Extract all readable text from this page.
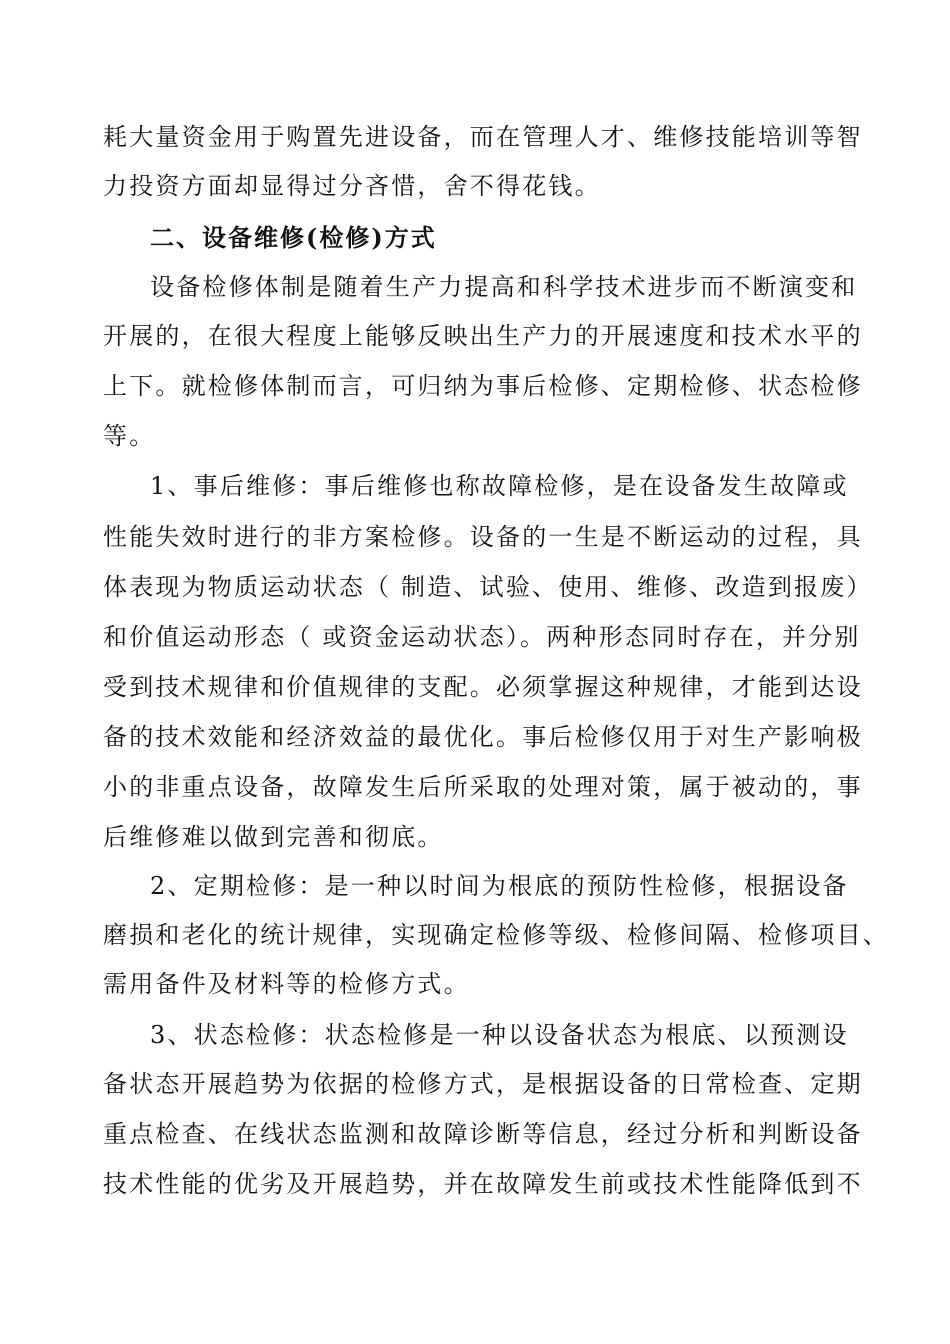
耗大量资金用于购置先进设备，而在管理人才、维修技能培训等智
力投资方面却显得过分吝惜，舍不得花钱。
二、设备维修(检修)方式
设备检修体制是随着生产力提高和科学技术进步而不断演变和
开展的，在很大程度上能够反映出生产力的开展速度和技术水平的
上下。就检修体制而言，可归纳为事后检修、定期检修、状态检修
等。
1、事后维修：事后维修也称故障检修，是在设备发生故障或
性能失效时进行的非方案检修。设备的一生是不断运动的过程，具
体表现为物质运动状态（ 制造、试验、使用、维修、改造到报废）
和价值运动形态（ 或资金运动状态）。两种形态同时存在，并分别
受到技术规律和价值规律的支配。必须掌握这种规律，才能到达设
备的技术效能和经济效益的最优化。事后检修仅用于对生产影响极
小的非重点设备，故障发生后所采取的处理对策，属于被动的，事
后维修难以做到完善和彻底。
2、定期检修：是一种以时间为根底的预防性检修，根据设备
磨损和老化的统计规律，实现确定检修等级、检修间隔、检修项目、
需用备件及材料等的检修方式。
3、状态检修：状态检修是一种以设备状态为根底、以预测设
备状态开展趋势为依据的检修方式，是根据设备的日常检查、定期
重点检查、在线状态监测和故障诊断等信息，经过分析和判断设备
技术性能的优劣及开展趋势，并在故障发生前或技术性能降低到不
